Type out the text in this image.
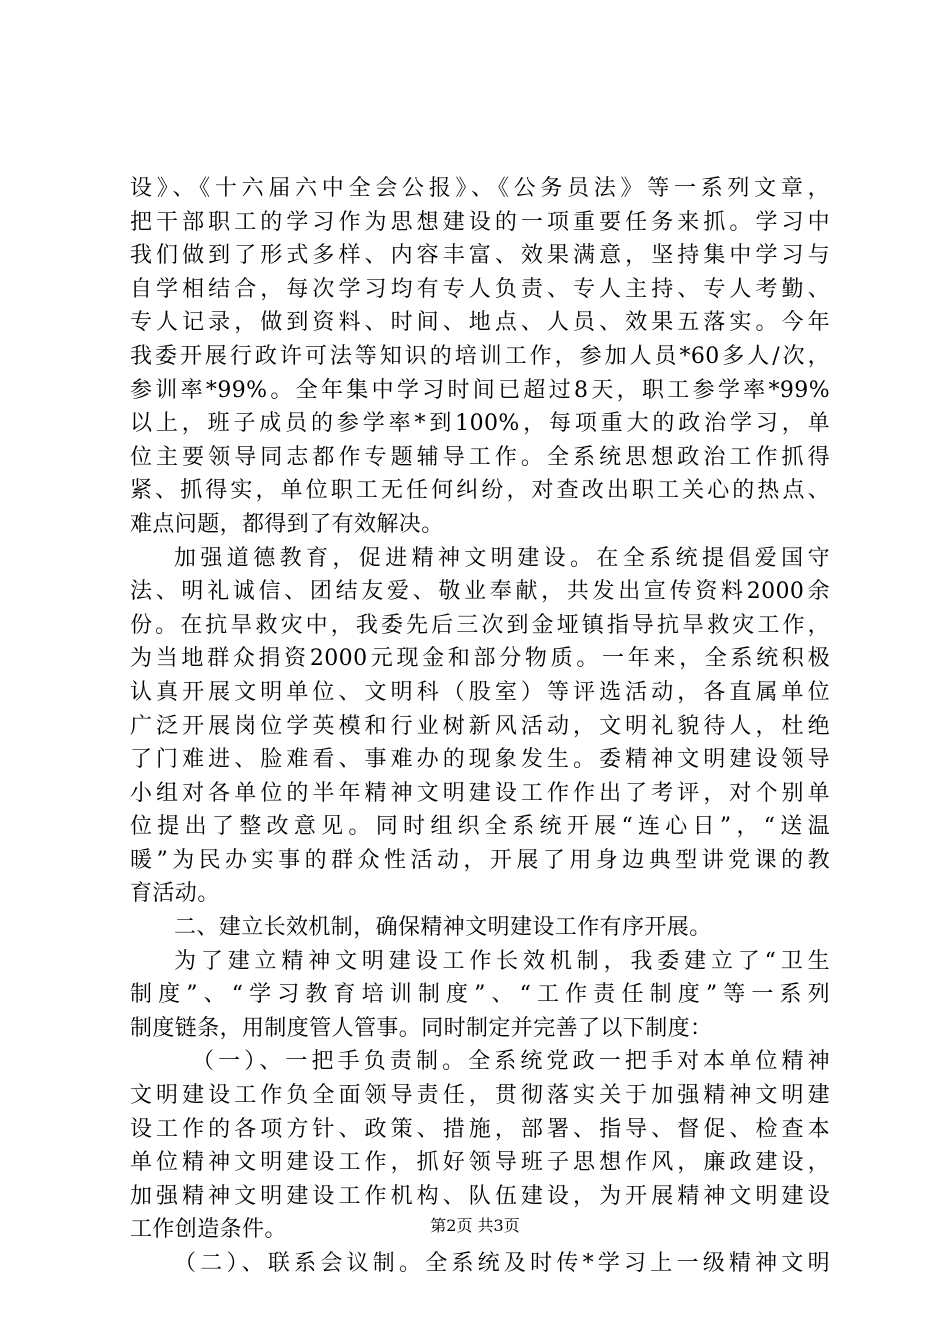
设》、《十六届六中全会公报》、《公务员法》等一系列文章，
把干部职工的学习作为思想建设的一项重要任务来抓。学习中
我们做到了形式多样、内容丰富、效果满意，坚持集中学习与
自学相结合，每次学习均有专人负责、专人主持、专人考勤、
专人记录，做到资料、时间、地点、人员、效果五落实。今年
我委开展行政许可法等知识的培训工作，参加人员*60多人/次，
参训率*99%。全年集中学习时间已超过8天，职工参学率*99%
以上，班子成员的参学率*到100%，每项重大的政治学习，单
位主要领导同志都作专题辅导工作。全系统思想政治工作抓得
紧、抓得实，单位职工无任何纠纷，对查改出职工关心的热点、
难点问题，都得到了有效解决。
加强道德教育，促进精神文明建设。在全系统提倡爱国守
法、明礼诚信、团结友爱、敬业奉献，共发出宣传资料2000余
份。在抗旱救灾中，我委先后三次到金垭镇指导抗旱救灾工作，
为当地群众捐资2000元现金和部分物质。一年来，全系统积极
认真开展文明单位、文明科（股室）等评选活动，各直属单位
广泛开展岗位学英模和行业树新风活动，文明礼貌待人，杜绝
了门难进、脸难看、事难办的现象发生。委精神文明建设领导
小组对各单位的半年精神文明建设工作作出了考评，对个别单
位提出了整改意见。同时组织全系统开展“连心日”，“送温
暖”为民办实事的群众性活动，开展了用身边典型讲党课的教
育活动。
二、建立长效机制，确保精神文明建设工作有序开展。
为了建立精神文明建设工作长效机制，我委建立了“卫生
制度”、“学习教育培训制度”、“工作责任制度”等一系列
制度链条，用制度管人管事。同时制定并完善了以下制度：
（一）、一把手负责制。全系统党政一把手对本单位精神
文明建设工作负全面领导责任，贯彻落实关于加强精神文明建
设工作的各项方针、政策、措施，部署、指导、督促、检查本
单位精神文明建设工作，抓好领导班子思想作风，廉政建设，
加强精神文明建设工作机构、队伍建设，为开展精神文明建设
工作创造条件。
（二）、联系会议制。全系统及时传*学习上一级精神文明
第2页 共3页
